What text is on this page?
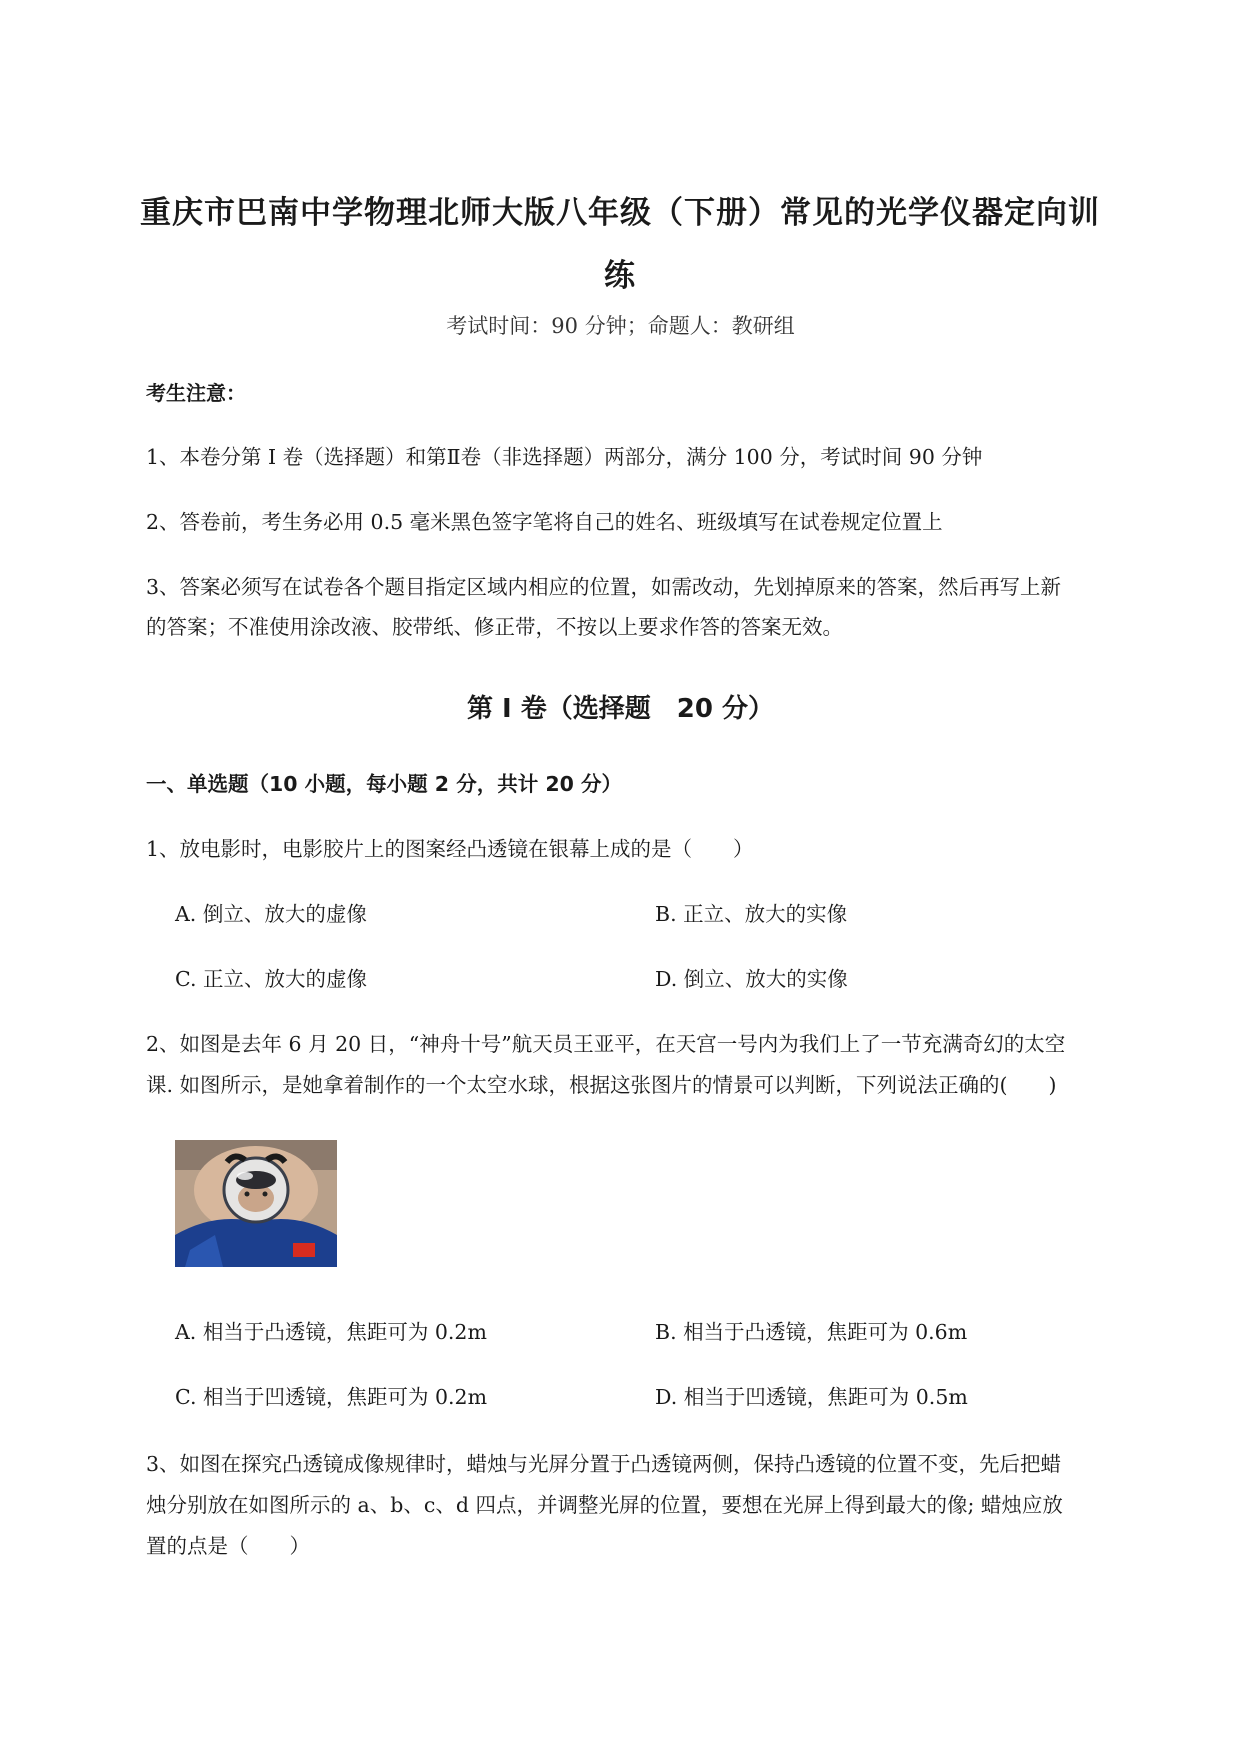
重庆市巴南中学物理北师大版八年级（下册）常见的光学仪器定向训
练
考试时间：90 分钟；命题人：教研组
考生注意：
1、本卷分第 I 卷（选择题）和第Ⅱ卷（非选择题）两部分，满分 100 分，考试时间 90 分钟
2、答卷前，考生务必用 0.5 毫米黑色签字笔将自己的姓名、班级填写在试卷规定位置上
3、答案必须写在试卷各个题目指定区域内相应的位置，如需改动，先划掉原来的答案，然后再写上新
的答案；不准使用涂改液、胶带纸、修正带，不按以上要求作答的答案无效。
第 I 卷（选择题　20 分）
一、单选题（10 小题，每小题 2 分，共计 20 分）
1、放电影时，电影胶片上的图案经凸透镜在银幕上成的是（　　）
A. 倒立、放大的虚像	B. 正立、放大的实像
C. 正立、放大的虚像	D. 倒立、放大的实像
2、如图是去年 6 月 20 日，“神舟十号”航天员王亚平，在天宫一号内为我们上了一节充满奇幻的太空
课. 如图所示，是她拿着制作的一个太空水球，根据这张图片的情景可以判断，下列说法正确的(　　)
A. 相当于凸透镜，焦距可为 0.2m	B. 相当于凸透镜，焦距可为 0.6m
C. 相当于凹透镜，焦距可为 0.2m	D. 相当于凹透镜，焦距可为 0.5m
3、如图在探究凸透镜成像规律时，蜡烛与光屏分置于凸透镜两侧，保持凸透镜的位置不变，先后把蜡
烛分别放在如图所示的 a、b、c、d 四点，并调整光屏的位置，要想在光屏上得到最大的像; 蜡烛应放
置的点是（　　）
